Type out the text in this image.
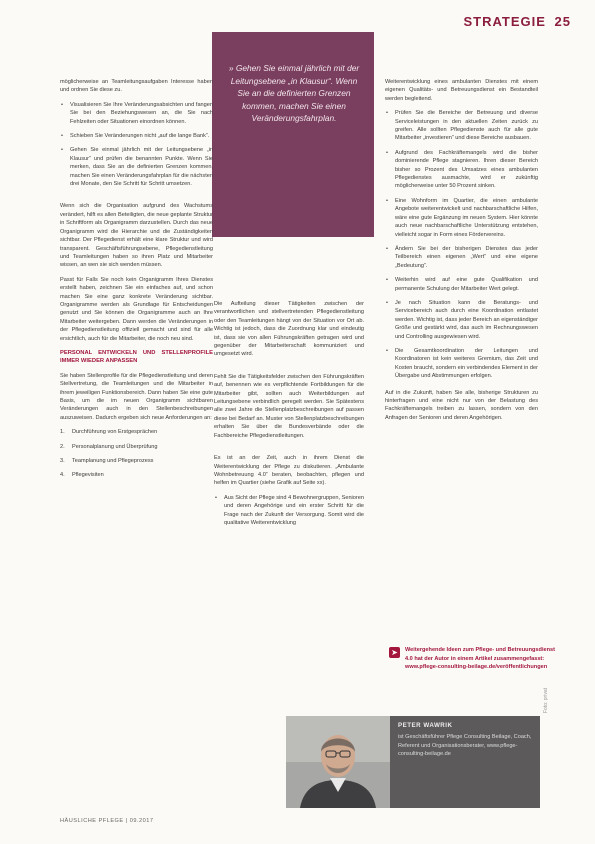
STRATEGIE 25
» Gehen Sie einmal jährlich mit der Leitungsebene „in Klausur“. Wenn Sie an die definierten Grenzen kommen, machen Sie einen Veränderungsfahrplan.

möglicherweise an Teamleitungsaufgaben Interesse haben und ordnen Sie diese zu.

• Visualisieren Sie Ihre Veränderungsabsichten und fangen Sie bei den Beziehungswesen an, die Sie nach Fehlzeiten oder Situationen einordnen können.

• Schieben Sie Veränderungen nicht „auf die lange Bank“.

• Gehen Sie einmal jährlich mit der Leitungsebene „in Klausur“ und prüfen die benannten Punkte. Wenn Sie merken, dass Sie an die definierten Grenzen kommen, machen Sie einen Veränderungsfahrplan für die nächsten drei Monate, den Sie Schritt für Schritt umsetzen.

Wenn sich die Organisation aufgrund des Wachstums verändert, hilft es allen Beteiligten, die neue geplante Struktur in Schriftform als Organigramm darzustellen. Durch das neue Organigramm wird die Hierarchie und die Zuständigkeiten sichtbar. Der Pflegedienst erhält eine klare Struktur und wird transparent. Geschäftsführungsebene, Pflegedienstleitung und Teamleitungen haben so ihren Platz und Mitarbeiter wissen, an wen sie sich wenden müssen.

Passt für Falls Sie noch kein Organigramm Ihres Dienstes erstellt haben, zeichnen Sie ein einfaches auf, und schon machen Sie eine ganz konkrete Veränderung sichtbar. Organigramme werden als Grundlage für Entscheidungen genutzt und Sie können die Organigramme auch an Ihre Mitarbeiter weitergeben. Dann werden die Veränderungen in der Pflegedienstleitung offiziell gemacht und sind für alle ersichtlich, auch für die Mitarbeiter, die noch neu sind.

PERSONAL ENTWICKELN UND STELLENPROFILE IMMER WIEDER ANPASSEN

Sie haben Stellenprofile für die Pflegedienstleitung und deren Stellvertretung, die Teamleitungen und die Mitarbeiter in ihrem jeweiligen Funktionsbereich. Dann haben Sie eine gute Basis, um die im neuen Organigramm sichtbaren Veränderungen auch in den Stellenbeschreibungen auszuweisen. Dadurch ergeben sich neue Anforderungen an:

1. Durchführung von Erstgesprächen

2. Personalplanung und Überprüfung

3. Teamplanung und Pflegeprozess

4. Pflegevisiten

Die Aufteilung dieser Tätigkeiten zwischen der verantwortlichen und stellvertretenden Pflegedienstleitung oder den Teamleitungen hängt von der Situation vor Ort ab. Wichtig ist jedoch, dass die Zuordnung klar und eindeutig ist, dass sie von allen Führungskräften getragen wird und gegenüber der Mitarbeiterschaft kommuniziert und umgesetzt wird.

Fehlt Sie die Tätigkeitsfelder zwischen den Führungskräften auf, benennen wie es verpflichtende Fortbildungen für die Mitarbeiter gibt, sollten auch Weiterbildungen auf Leitungsebene verbindlich geregelt werden. Sie Spätestens alle zwei Jahre die Stellenplatzbeschreibungen auf passen diese bei Bedarf an. Muster von Stellenplatzbeschreibungen erhalten Sie über die Bundesverbände oder die Fachbereiche Pflegedienstleitungen.

Es ist an der Zeit, auch in ihrem Dienst die Weiterentwicklung der Pflege zu diskutieren. „Ambulante Wohnbetreuung 4.0“ beraten, beobachten, pflegen und helfen im Quartier (siehe Grafik auf Seite xx).

• Aus Sicht der Pflege sind 4 Bewohnergruppen, Senioren und deren Angehörige und ein erster Schritt für die Frage nach der Zukunft der Versorgung. Somit wird die qualitative Weiterentwicklung

Weiterentwicklung eines ambulanten Dienstes mit einem eigenen Qualitäts- und Betreuungsdienst ein Bestandteil werden begleitend.

• Prüfen Sie die Bereiche der Betreuung und diverse Serviceleistungen in den aktuellen Zeiten zurück zu greifen. Alle sollten Pflegedienste auch für alle gute Mitarbeiter „investieren“ und diese Bereiche ausbauen.

• Aufgrund des Fachkräftemangels wird die bisher dominierende Pflege stagnieren. Ihren dieser Bereich bisher so Prozent des Umsatzes eines ambulanten Pflegedienstes ausmachte, wird er zukünftig möglicherweise unter 50 Prozent sinken.

• Eine Wohnform im Quartier, die einen ambulante Angebote weiterentwickelt und nachbarschaftliche Hilfen, wäre eine gute Ergänzung im neuen System. Hier könnte auch neue nachbarschaftliche Unterstützung entstehen, vielleicht sogar in Form eines Fördervereins.

• Ändern Sie bei der bisherigen Dienstes das jeder Teilbereich einen eigenen „Wert“ und eine eigene „Bedeutung“.

• Weiterhin wird auf eine gute Qualifikation und permanente Schulung der Mitarbeiter Wert gelegt.

• Je nach Situation kann die Beratungs- und Servicebereich auch durch eine Koordination entlastet werden. Wichtig ist, dass jeder Bereich an eigenständiger Größe und gestärkt wird, das auch im Rechnungswesen und Controlling ausgewiesen wird.

• Die Gesamtkoordination der Leitungen und Koordinatoren ist kein weiteres Gremium, das Zeit und Kosten braucht, sondern ein verbindendes Element in der Übergabe und Abstimmungen erfolgen.

Auf in die Zukunft, haben Sie alle, bisherige Strukturen zu hinterfragen und eine nicht nur von der Belastung des Fachkräftemangels treiben zu lassen, sondern von den Anfragen der Senioren und deren Angehörigen.

➤	Weitergehende Ideen zum Pflege- und Betreuungsdienst 4.0 hat der Autor in einem Artikel zusammengefasst: www.pflege-consulting-beilage.de/veröffentlichungen
Foto: privat
PETER WAWRIK
ist Geschäftsführer Pflege Consulting Beilage, Coach, Referent und Organisationsberater, www.pflege-consulting-beilage.de
HÄUSLICHE PFLEGE | 09.2017
